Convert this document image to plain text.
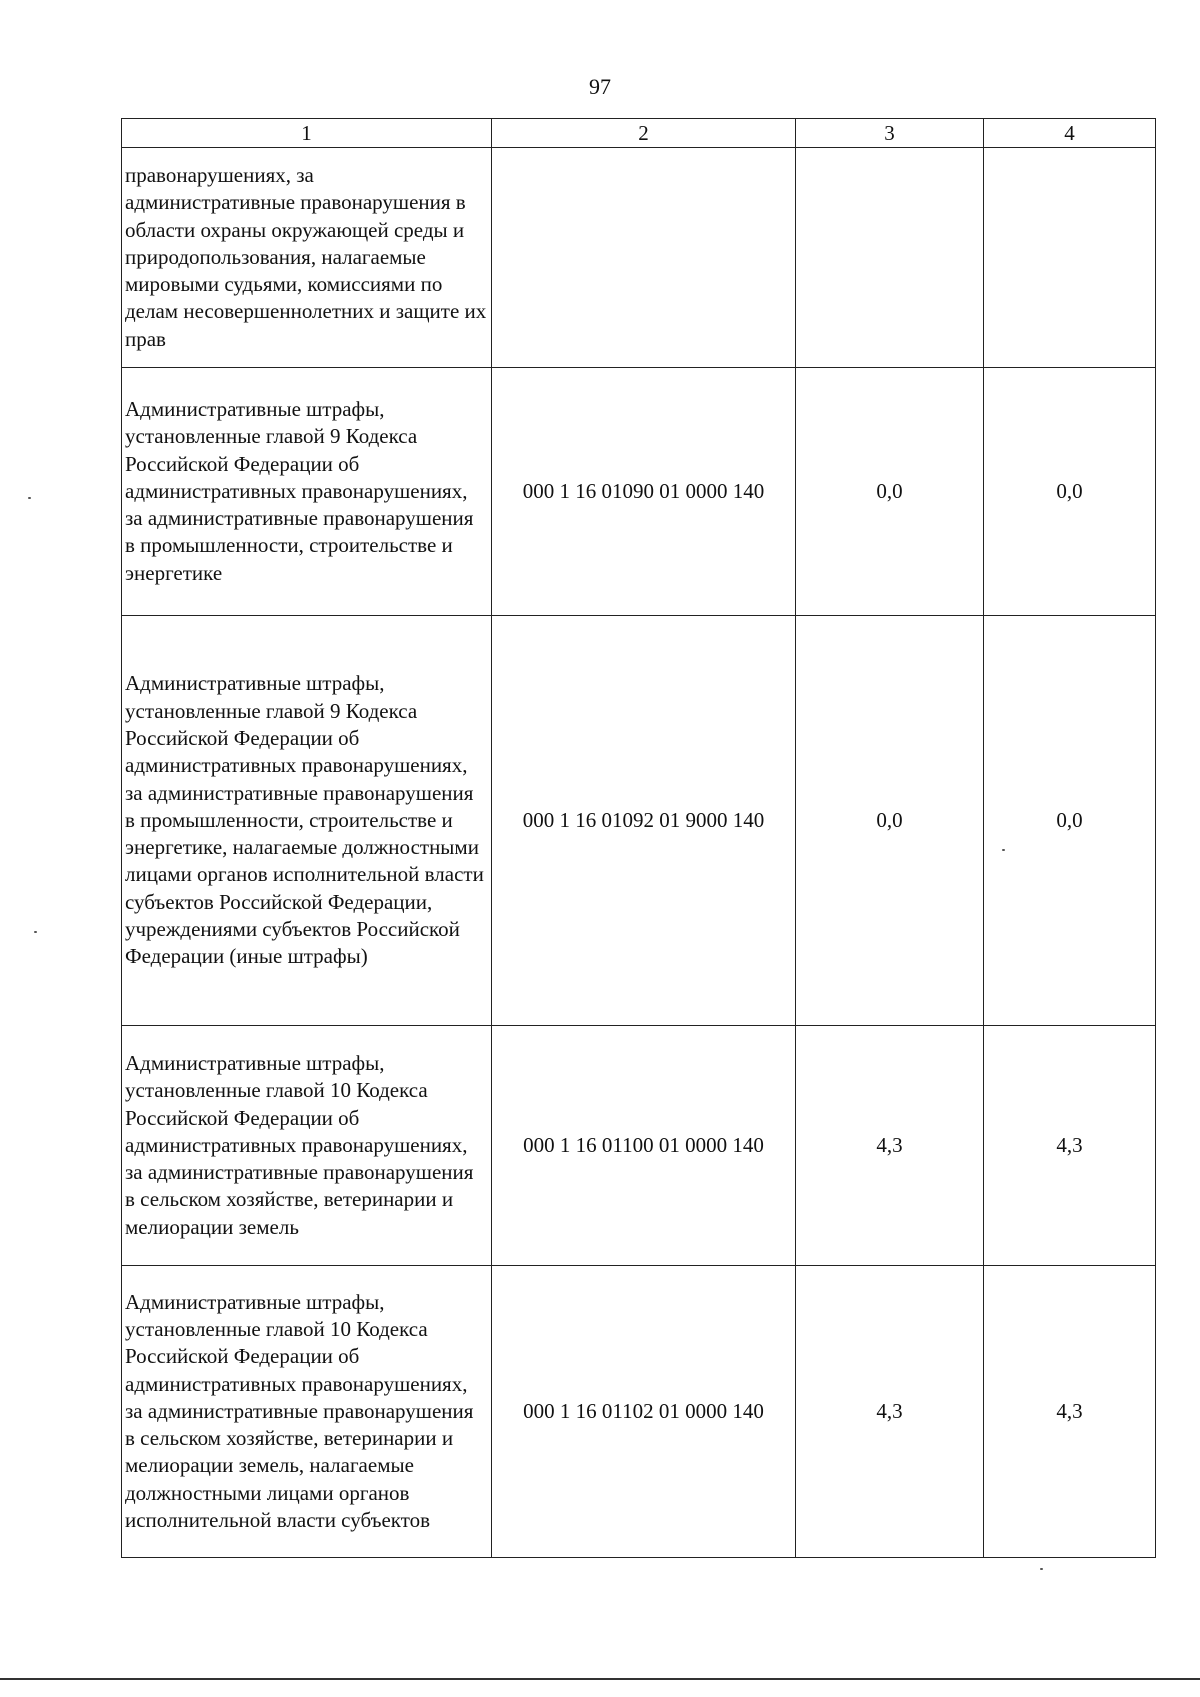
97
1	2	3	4
правонарушениях, за административные правонарушения в области охраны окружающей среды и природопользования, налагаемые мировыми судьями, комиссиями по делам несовершеннолетних и защите их прав			
Административные штрафы, установленные главой 9 Кодекса Российской Федерации об административных правонарушениях, за административные правонарушения в промышленности, строительстве и энергетике	000 1 16 01090 01 0000 140	0,0	0,0
Административные штрафы, установленные главой 9 Кодекса Российской Федерации об административных правонарушениях, за административные правонарушения в промышленности, строительстве и энергетике, налагаемые должностными лицами органов исполнительной власти субъектов Российской Федерации, учреждениями субъектов Российской Федерации (иные штрафы)	000 1 16 01092 01 9000 140	0,0	0,0
Административные штрафы, установленные главой 10 Кодекса Российской Федерации об административных правонарушениях, за административные правонарушения в сельском хозяйстве, ветеринарии и мелиорации земель	000 1 16 01100 01 0000 140	4,3	4,3
Административные штрафы, установленные главой 10 Кодекса Российской Федерации об административных правонарушениях, за административные правонарушения в сельском хозяйстве, ветеринарии и мелиорации земель, налагаемые должностными лицами органов исполнительной власти субъектов	000 1 16 01102 01 0000 140	4,3	4,3
